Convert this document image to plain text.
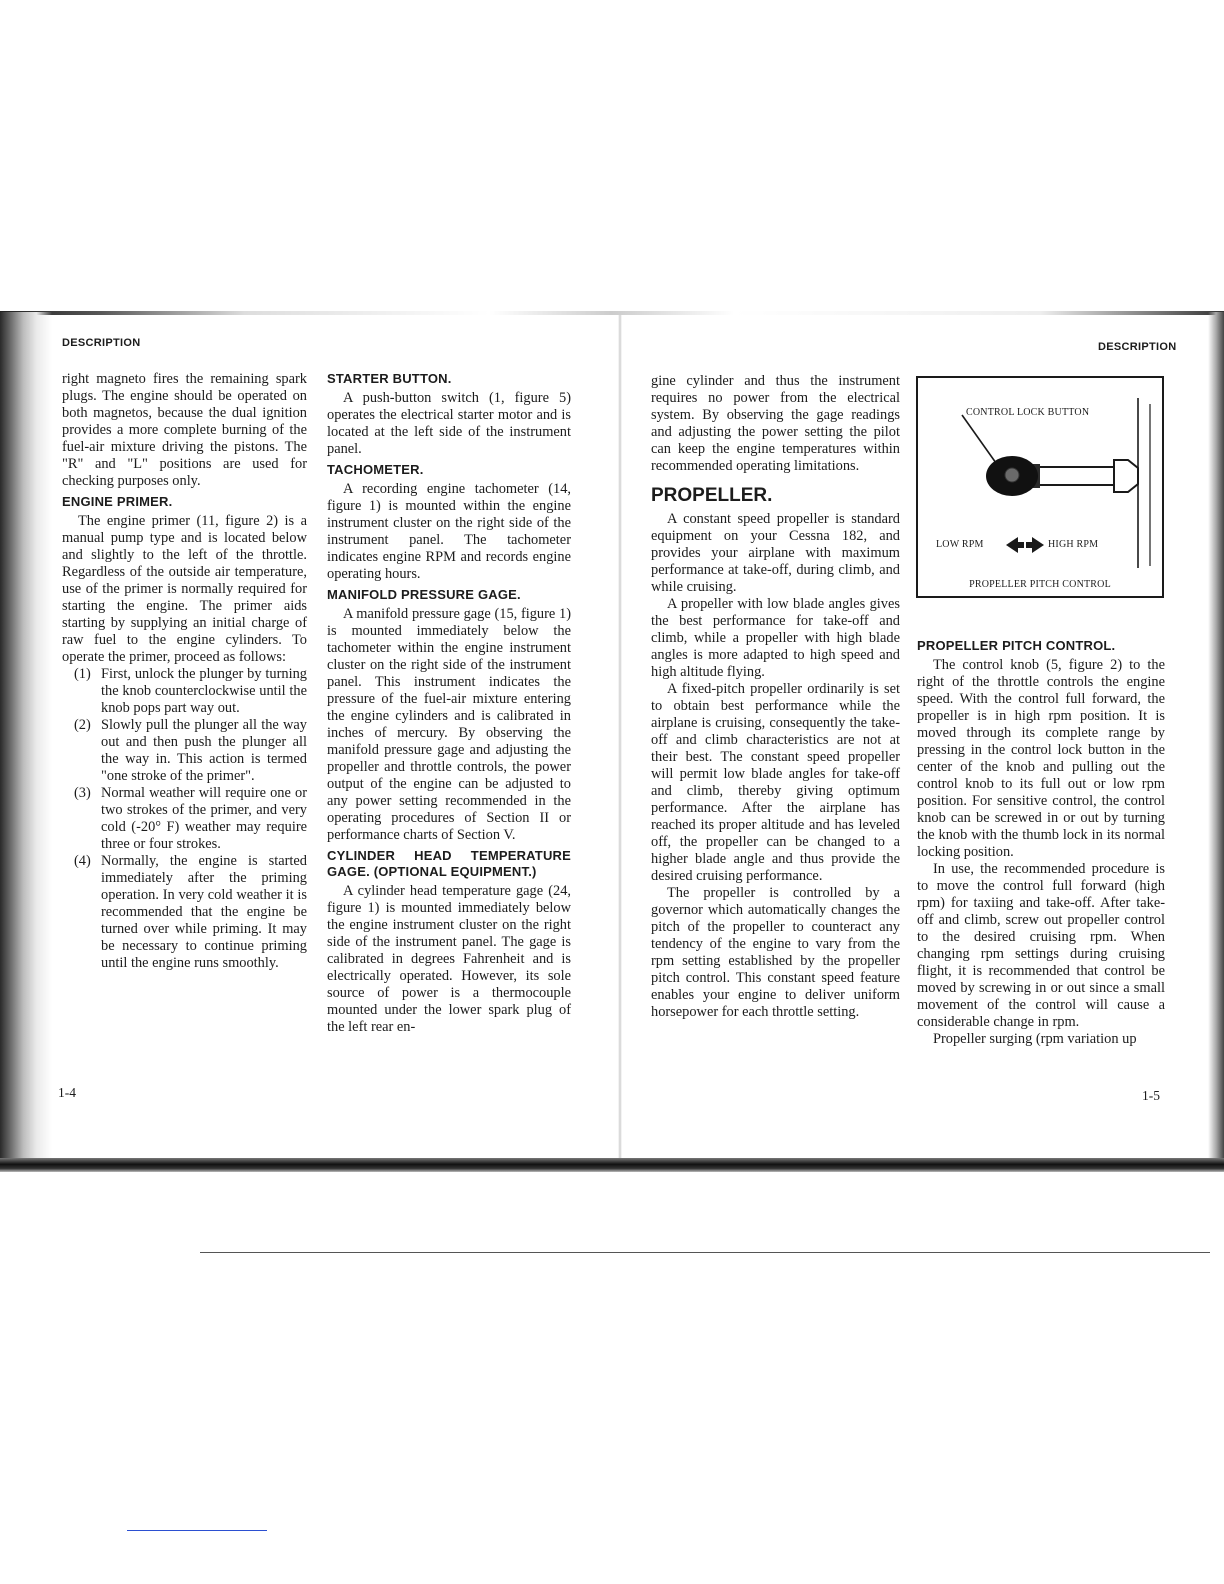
DESCRIPTION	DESCRIPTION

right magneto fires the remaining spark plugs. The engine should be operated on both magnetos, because the dual ignition provides a more complete burning of the fuel-air mixture driving the pistons. The "R" and "L" positions are used for checking purposes only.

ENGINE PRIMER.

The engine primer (11, figure 2) is a manual pump type and is located below and slightly to the left of the throttle. Regardless of the outside air temperature, use of the primer is normally required for starting the engine. The primer aids starting by supplying an initial charge of raw fuel to the engine cylinders. To operate the primer, proceed as follows:

(1) First, unlock the plunger by turning the knob counterclockwise until the knob pops part way out.
(2) Slowly pull the plunger all the way out and then push the plunger all the way in. This action is termed "one stroke of the primer".
(3) Normal weather will require one or two strokes of the primer, and very cold (-20° F) weather may require three or four strokes.
(4) Normally, the engine is started immediately after the priming operation. In very cold weather it is recommended that the engine be turned over while priming. It may be necessary to continue priming until the engine runs smoothly.
STARTER BUTTON.

A push-button switch (1, figure 5) operates the electrical starter motor and is located at the left side of the instrument panel.

TACHOMETER.

A recording engine tachometer (14, figure 1) is mounted within the engine instrument cluster on the right side of the instrument panel. The tachometer indicates engine RPM and records engine operating hours.

MANIFOLD PRESSURE GAGE.

A manifold pressure gage (15, figure 1) is mounted immediately below the tachometer within the engine instrument cluster on the right side of the instrument panel. This instrument indicates the pressure of the fuel-air mixture entering the engine cylinders and is calibrated in inches of mercury. By observing the manifold pressure gage and adjusting the propeller and throttle controls, the power output of the engine can be adjusted to any power setting recommended in the operating procedures of Section II or performance charts of Section V.

CYLINDER HEAD TEMPERATURE GAGE. (OPTIONAL EQUIPMENT.)

A cylinder head temperature gage (24, figure 1) is mounted immediately below the engine instrument cluster on the right side of the instrument panel. The gage is calibrated in degrees Fahrenheit and is electrically operated. However, its sole source of power is a thermocouple mounted under the lower spark plug of the left rear en-

1-4

gine cylinder and thus the instrument requires no power from the electrical system. By observing the gage readings and adjusting the power setting the pilot can keep the engine temperatures within recommended operating limitations.

PROPELLER.

A constant speed propeller is standard equipment on your Cessna 182, and provides your airplane with maximum performance at take-off, during climb, and while cruising.

A propeller with low blade angles gives the best performance for take-off and climb, while a propeller with high blade angles is more adapted to high speed and high altitude flying.

A fixed-pitch propeller ordinarily is set to obtain best performance while the airplane is cruising, consequently the take-off and climb characteristics are not at their best. The constant speed propeller will permit low blade angles for take-off and climb, thereby giving optimum performance. After the airplane has reached its proper altitude and has leveled off, the propeller can be changed to a higher blade angle and thus provide the desired cruising performance.

The propeller is controlled by a governor which automatically changes the pitch of the propeller to counteract any tendency of the engine to vary from the rpm setting established by the propeller pitch control. This constant speed feature enables your engine to deliver uniform horsepower for each throttle setting.

CONTROL LOCK BUTTON
LOW RPM	HIGH RPM
PROPELLER PITCH CONTROL
PROPELLER PITCH CONTROL.

The control knob (5, figure 2) to the right of the throttle controls the engine speed. With the control full forward, the propeller is in high rpm position. It is moved through its complete range by pressing in the control lock button in the center of the knob and pulling out the control knob to its full out or low rpm position. For sensitive control, the control knob can be screwed in or out by turning the knob with the thumb lock in its normal locking position.

In use, the recommended procedure is to move the control full forward (high rpm) for taxiing and take-off. After take-off and climb, screw out propeller control to the desired cruising rpm. When changing rpm settings during cruising flight, it is recommended that control be moved by screwing in or out since a small movement of the control will cause a considerable change in rpm.

Propeller surging (rpm variation up

1-5
